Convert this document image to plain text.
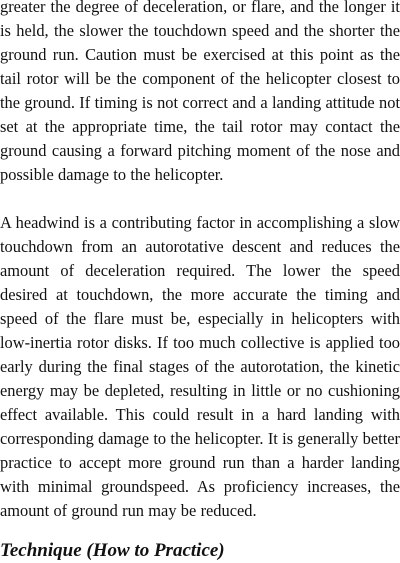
greater the degree of deceleration, or flare, and the longer it is held, the slower the touchdown speed and the shorter the ground run. Caution must be exercised at this point as the tail rotor will be the component of the helicopter closest to the ground. If timing is not correct and a landing attitude not set at the appropriate time, the tail rotor may contact the ground causing a forward pitching moment of the nose and possible damage to the helicopter.

A headwind is a contributing factor in accomplishing a slow touchdown from an autorotative descent and reduces the amount of deceleration required. The lower the speed desired at touchdown, the more accurate the timing and speed of the flare must be, especially in helicopters with low-inertia rotor disks. If too much collective is applied too early during the final stages of the autorotation, the kinetic energy may be depleted, resulting in little or no cushioning effect available. This could result in a hard landing with corresponding damage to the helicopter. It is generally better practice to accept more ground run than a harder landing with minimal groundspeed. As proficiency increases, the amount of ground run may be reduced.

Technique (How to Practice)
